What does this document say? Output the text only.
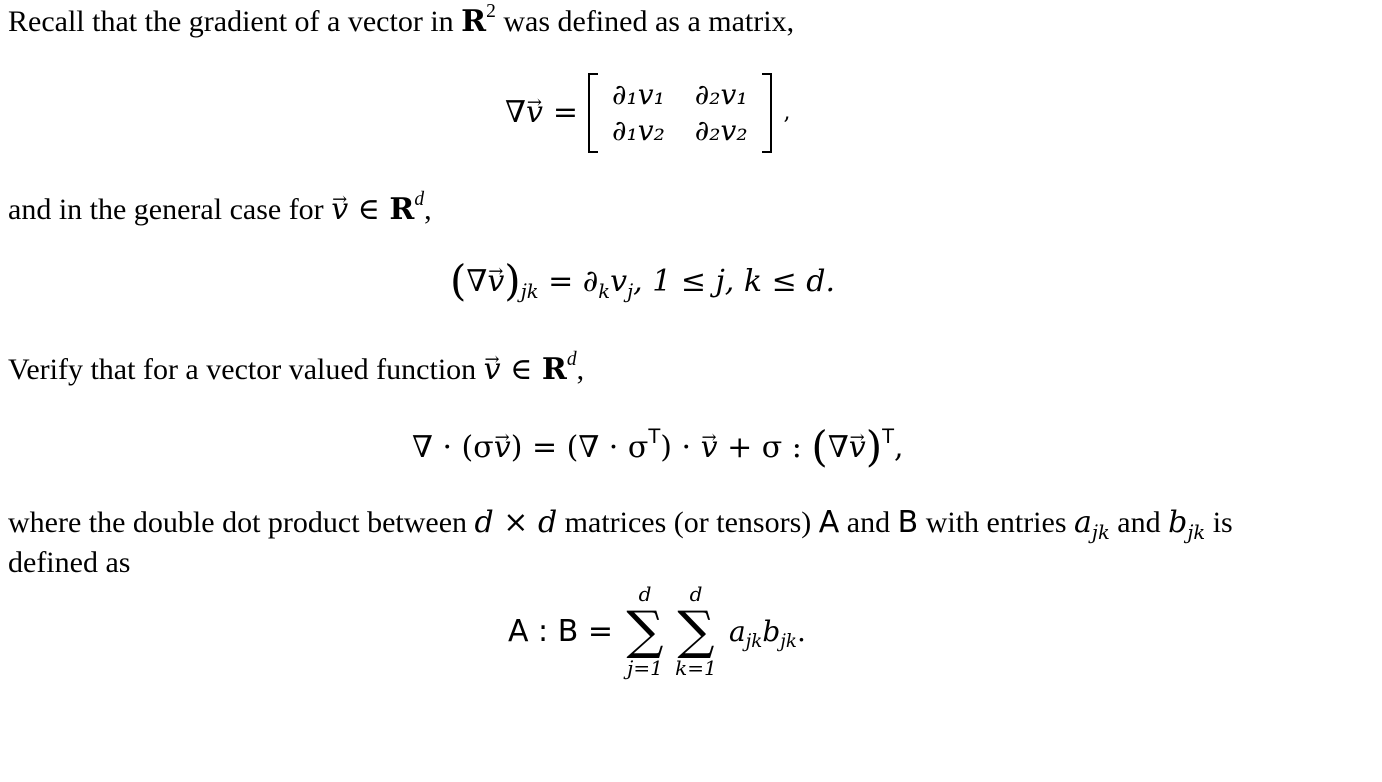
Recall that the gradient of a vector in $R^2$ was defined as a matrix,
∇
→ v =
∂₁v₁ ∂₂v₁
∂₁v₂ ∂₂v₂
,
and in the general case for → v ∈ $R^d$,
(∇→ $v)_{jk} = \partial_kv_j$, 1 ≤ j, k ≤ d.
Verify that for a vector valued function → v ∈ $R^d$,
∇ · (σ→ v) = (∇ · $\sigma^T$) · → v + σ : (∇→ v)$^T$,
where the double dot product between d × d matrices (or tensors) A and B with entries $a_{jk}$ and $b_{jk}$ is
defined as
A : B =
d
∑
j=1
d
∑
k=1
$a_{jk}b_{jk}$.
